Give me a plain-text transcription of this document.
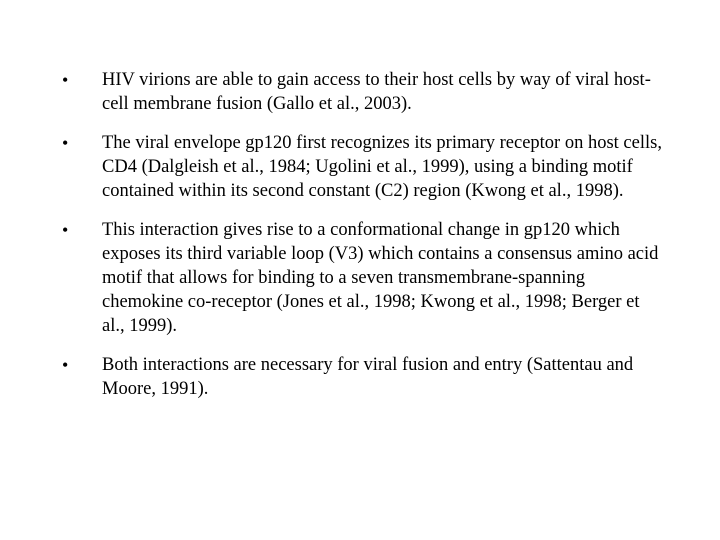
•	HIV virions are able to gain access to their host cells by way of viral host-cell membrane fusion (Gallo et al., 2003).
•	The viral envelope gp120 first recognizes its primary receptor on host cells, CD4 (Dalgleish et al., 1984; Ugolini et al., 1999), using a binding motif contained within its second constant (C2) region (Kwong et al., 1998).
•	This interaction gives rise to a conformational change in gp120 which exposes its third variable loop (V3) which contains a consensus amino acid motif that allows for binding to a seven transmembrane-spanning chemokine co-receptor (Jones et al., 1998; Kwong et al., 1998; Berger et al., 1999).
•	Both interactions are necessary for viral fusion and entry (Sattentau and Moore, 1991).
